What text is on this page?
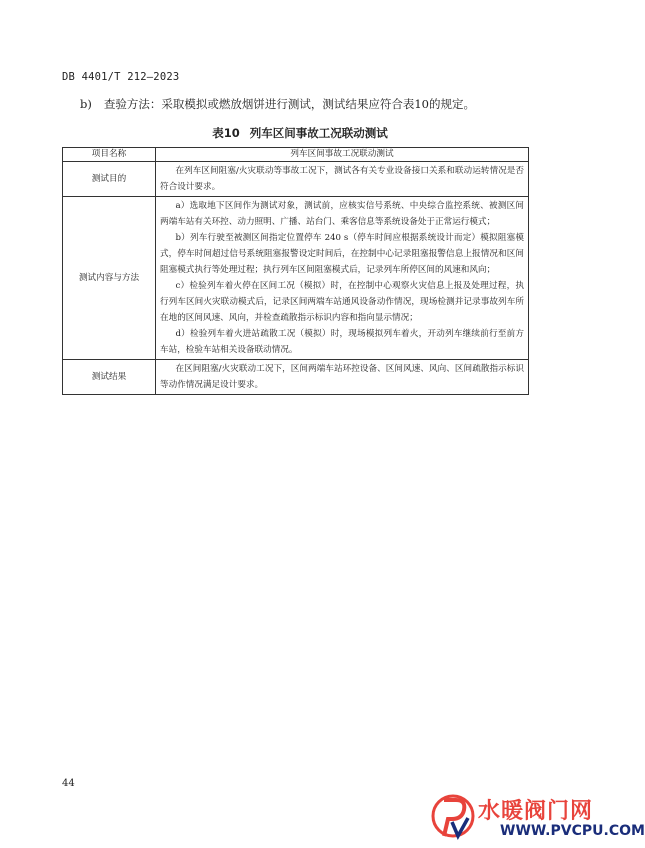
DB 4401/T 212—2023
b) 查验方法：采取模拟或燃放烟饼进行测试，测试结果应符合表10的规定。
表10 列车区间事故工况联动测试
项目名称	列车区间事故工况联动测试
测试目的	在列车区间阻塞/火灾联动等事故工况下，测试各有关专业设备接口关系和联动运转情况是否符合设计要求。

测试内容与方法	a）选取地下区间作为测试对象，测试前，应核实信号系统、中央综合监控系统、被测区间两端车站有关环控、动力照明、广播、站台门、乘客信息等系统设备处于正常运行模式；

b）列车行驶至被测区间指定位置停车 240 s（停车时间应根据系统设计而定）模拟阻塞模式，停车时间超过信号系统阻塞报警设定时间后，在控制中心记录阻塞报警信息上报情况和区间阻塞模式执行等处理过程；执行列车区间阻塞模式后，记录列车所停区间的风速和风向；

c）检验列车着火停在区间工况（模拟）时，在控制中心观察火灾信息上报及处理过程，执行列车区间火灾联动模式后，记录区间两端车站通风设备动作情况，现场检测并记录事故列车所在地的区间风速、风向，并检查疏散指示标识内容和指向显示情况；

d）检验列车着火进站疏散工况（模拟）时，现场模拟列车着火，开动列车继续前行至前方车站，检验车站相关设备联动情况。

测试结果	在区间阻塞/火灾联动工况下，区间两端车站环控设备、区间风速、风向、区间疏散指示标识等动作情况满足设计要求。

44
水暖阀门网
WWW.PVCPU.COM
